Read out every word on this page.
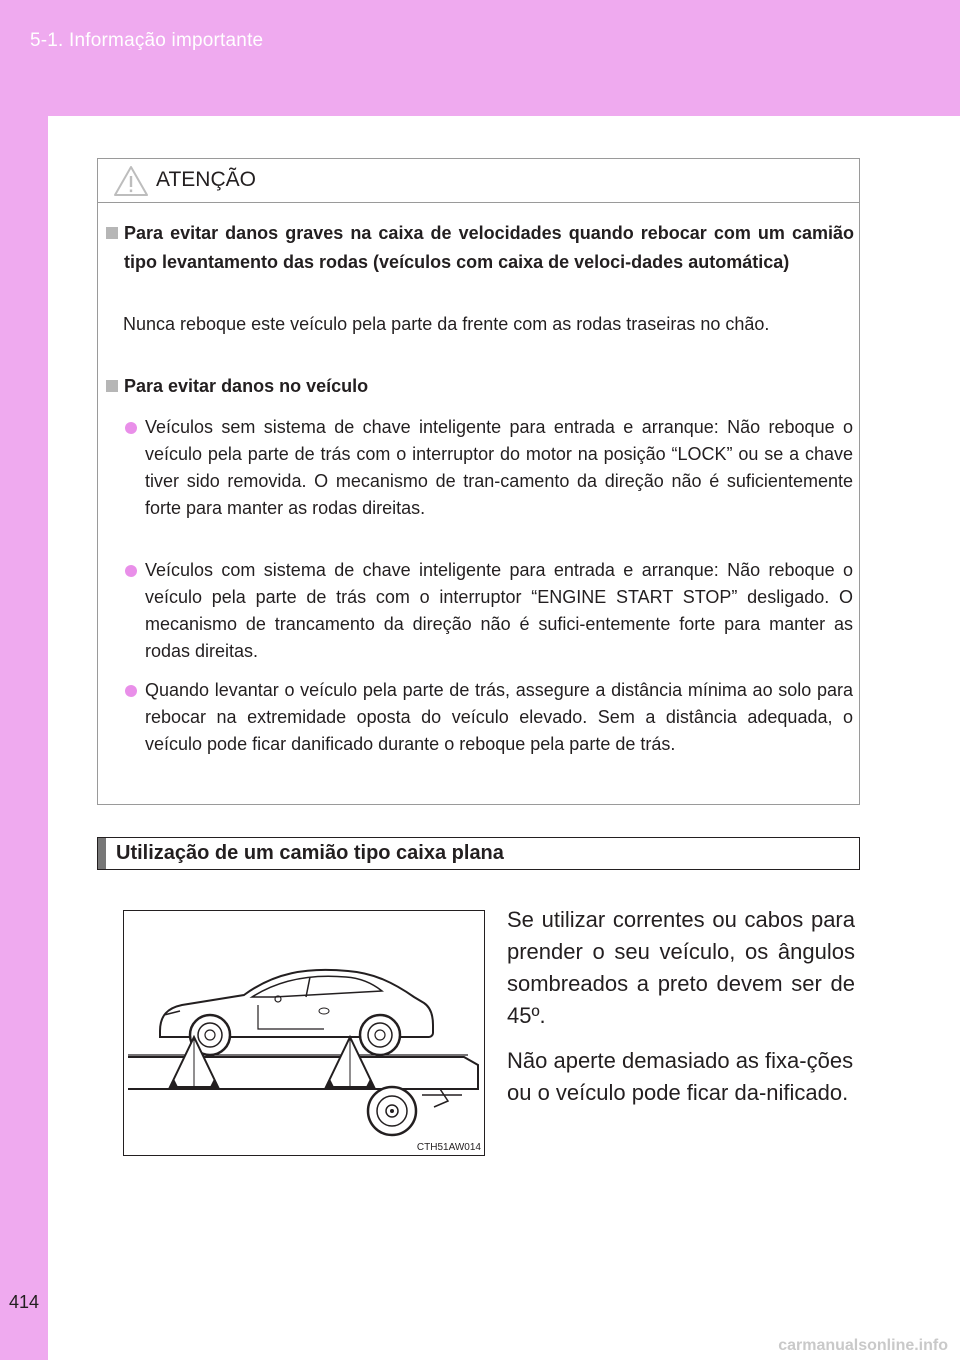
5-1. Informação importante
ATENÇÃO
Para evitar danos graves na caixa de velocidades quando rebocar com um camião tipo levantamento das rodas (veículos com caixa de veloci-dades automática)
Nunca reboque este veículo pela parte da frente com as rodas traseiras no chão.
Para evitar danos no veículo
Veículos sem sistema de chave inteligente para entrada e arranque: Não reboque o veículo pela parte de trás com o interruptor do motor na posição “LOCK” ou se a chave tiver sido removida. O mecanismo de tran-camento da direção não é suficientemente forte para manter as rodas direitas.
Veículos com sistema de chave inteligente para entrada e arranque: Não reboque o veículo pela parte de trás com o interruptor “ENGINE START STOP” desligado. O mecanismo de trancamento da direção não é sufici-entemente forte para manter as rodas direitas.
Quando levantar o veículo pela parte de trás, assegure a distância mínima ao solo para rebocar na extremidade oposta do veículo elevado. Sem a distância adequada, o veículo pode ficar danificado durante o reboque pela parte de trás.
Utilização de um camião tipo caixa plana
CTH51AW014
Se utilizar correntes ou cabos para prender o seu veículo, os ângulos sombreados a preto devem ser de 45º.
Não aperte demasiado as fixa-ções ou o veículo pode ficar da-nificado.
414
carmanualsonline.info
